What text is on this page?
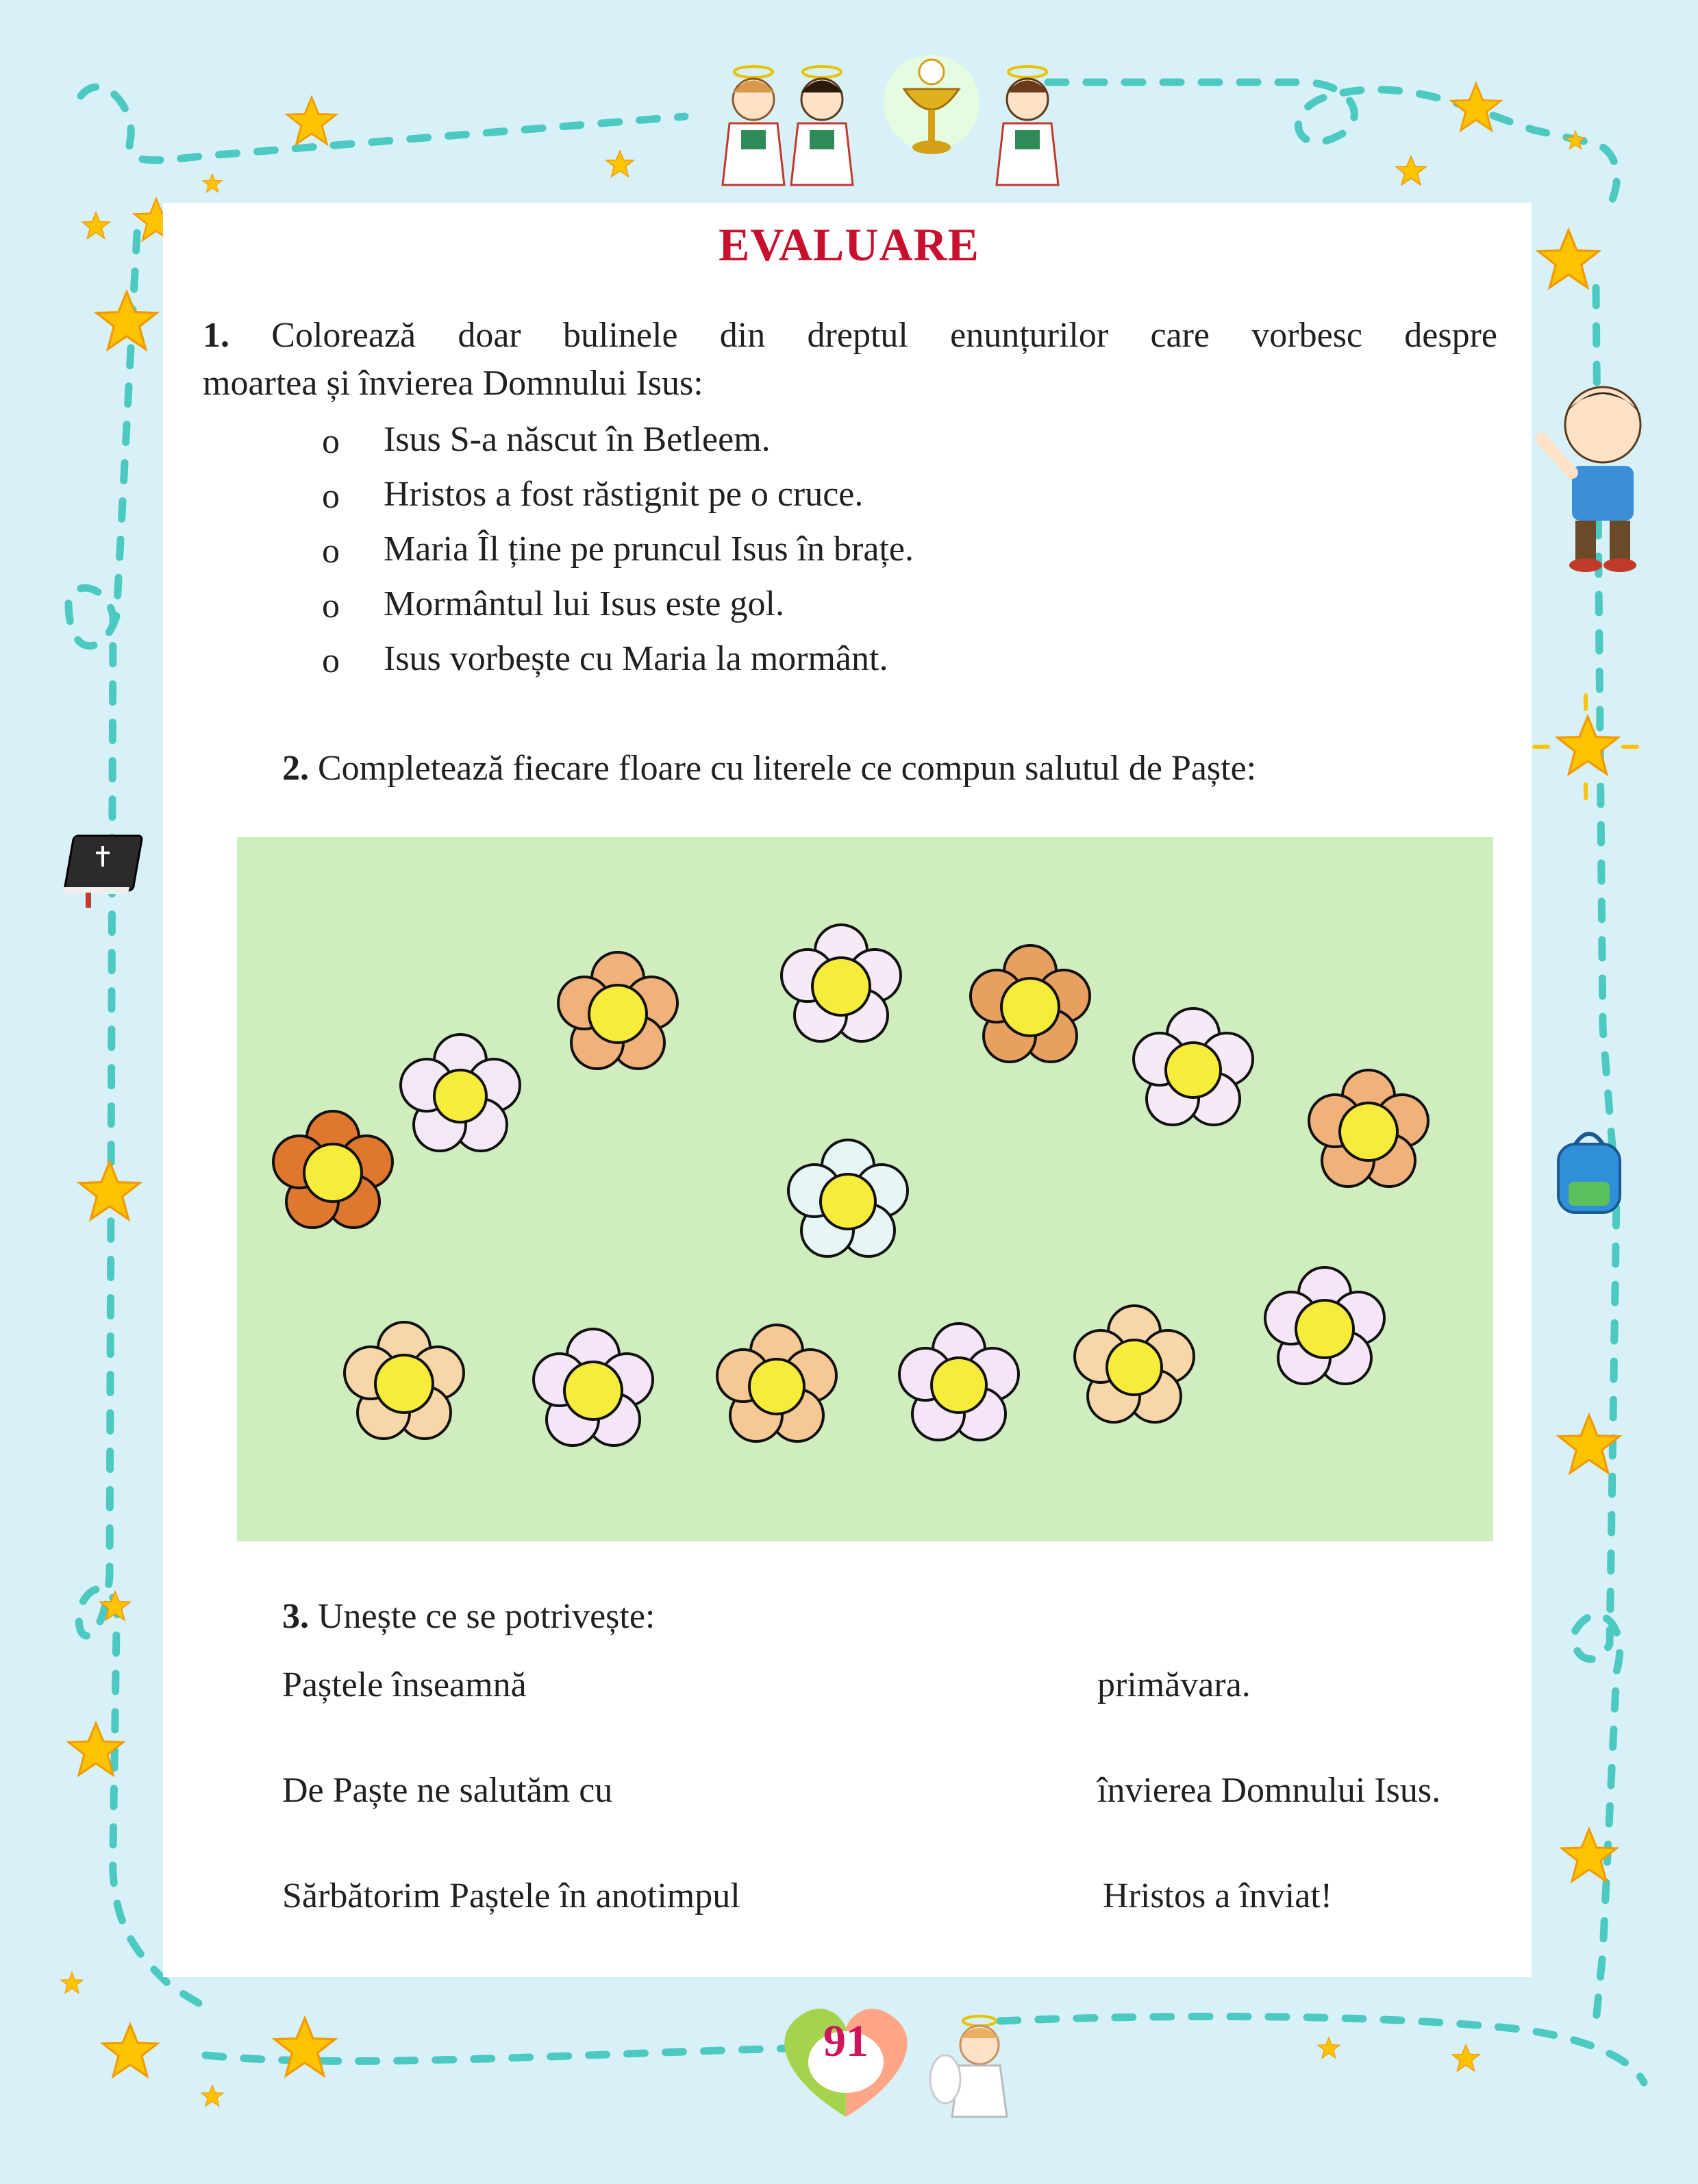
EVALUARE
1. Colorează doar bulinele din dreptul enunțurilor care vorbesc despre
moartea și învierea Domnului Isus:
o Isus S-a născut în Betleem.
o Hristos a fost răstignit pe o cruce.
o Maria Îl ține pe pruncul Isus în brațe.
o Mormântul lui Isus este gol.
o Isus vorbește cu Maria la mormânt.
2. Completează fiecare floare cu literele ce compun salutul de Paște:
3. Unește ce se potrivește:
Paștele înseamnă
De Paște ne salutăm cu
Sărbătorim Paștele în anotimpul
primăvara.
învierea Domnului Isus.
Hristos a înviat!
91
